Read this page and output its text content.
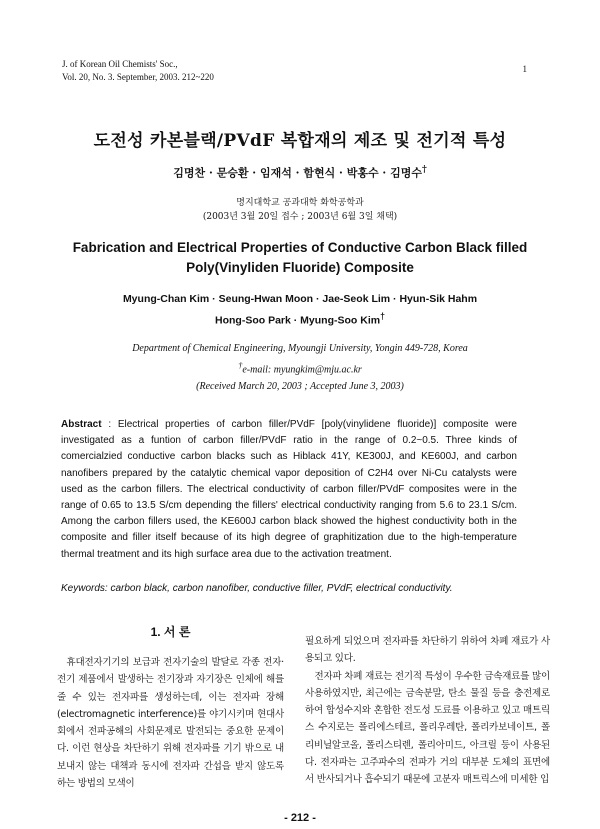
J. of Korean Oil Chemists' Soc.,
Vol. 20, No. 3. September, 2003. 212~220
1
도전성 카본블랙/PVdF 복합재의 제조 및 전기적 특성
김명찬 · 문승환 · 임재석 · 함현식 · 박홍수 · 김명수†
명지대학교 공과대학 화학공학과
(2003년 3월 20일 접수 ; 2003년 6월 3일 채택)
Fabrication and Electrical Properties of Conductive Carbon Black filled
Poly(Vinyliden Fluoride) Composite
Myung-Chan Kim · Seung-Hwan Moon · Jae-Seok Lim · Hyun-Sik Hahm
Hong-Soo Park · Myung-Soo Kim†
Department of Chemical Engineering, Myoungji University, Yongin 449-728, Korea
†e-mail: myungkim@mju.ac.kr
(Received March 20, 2003 ; Accepted June 3, 2003)
Abstract : Electrical properties of carbon filler/PVdF [poly(vinylidene fluoride)] composite were investigated as a funtion of carbon filler/PVdF ratio in the range of 0.2~0.5. Three kinds of comercialzied conductive carbon blacks such as Hiblack 41Y, KE300J, and KE600J, and carbon nanofibers prepared by the catalytic chemical vapor deposition of C2H4 over Ni-Cu catalysts were used as the carbon fillers. The electrical conductivity of carbon filler/PVdF composites were in the range of 0.65 to 13.5 S/cm depending the fillers' electrical conductivity ranging from 5.6 to 23.1 S/cm. Among the carbon fillers used, the KE600J carbon black showed the highest conductivity both in the composite and filler itself because of its high degree of graphitization due to the high-temperature thermal treatment and its high surface area due to the activation treatment.
Keywords: carbon black, carbon nanofiber, conductive filler, PVdF, electrical conductivity.
1. 서 론
휴대전자기기의 보급과 전자기술의 발달로 각종 전자·전기 제품에서 발생하는 전기장과 자기장은 인체에 해를 줄 수 있는 전자파를 생성하는데, 이는 전자파 장해(electromagnetic interference)를 야기시키며 현대사회에서 전파공해의 사회문제로 발전되는 중요한 문제이다. 이런 현상을 차단하기 위해 전자파를 기기 밖으로 내보내지 않는 대책과 동시에 전자파 간섭을 받지 않도록 하는 방법의 모색이
필요하게 되었으며 전자파를 차단하기 위하여 차폐 재료가 사용되고 있다.
전자파 차폐 재료는 전기적 특성이 우수한 금속재료를 많이 사용하였지만, 최근에는 금속분말, 탄소 물질 등을 충전제로 하여 합성수지와 혼합한 전도성 도료를 이용하고 있고 매트릭스 수지로는 폴리에스테르, 폴리우레탄, 폴리카보네이트, 폴리비닐알코올, 폴리스티렌, 폴리아미드, 아크릴 등이 사용된다. 전자파는 고주파수의 전파가 거의 대부분 도체의 표면에서 반사되거나 흡수되기 때문에 고분자 매트릭스에 미세한 입
- 212 -
